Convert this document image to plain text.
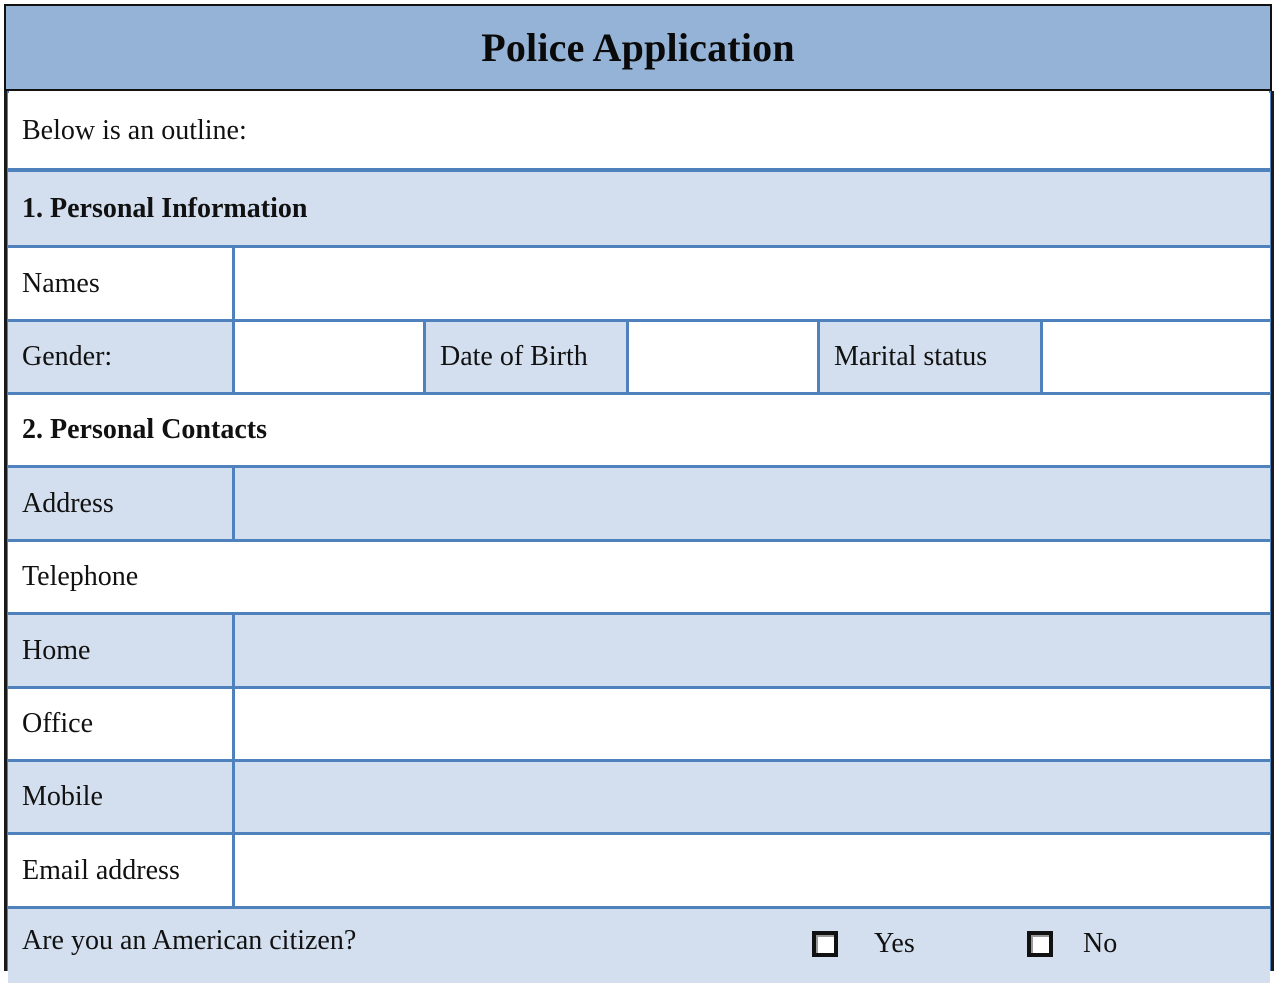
Police Application
Below is an outline:
1. Personal Information
Names
Gender:	Date of Birth	Marital status
2. Personal Contacts
Address
Telephone
Home
Office
Mobile
Email address
Are you an American citizen?	Yes	No
